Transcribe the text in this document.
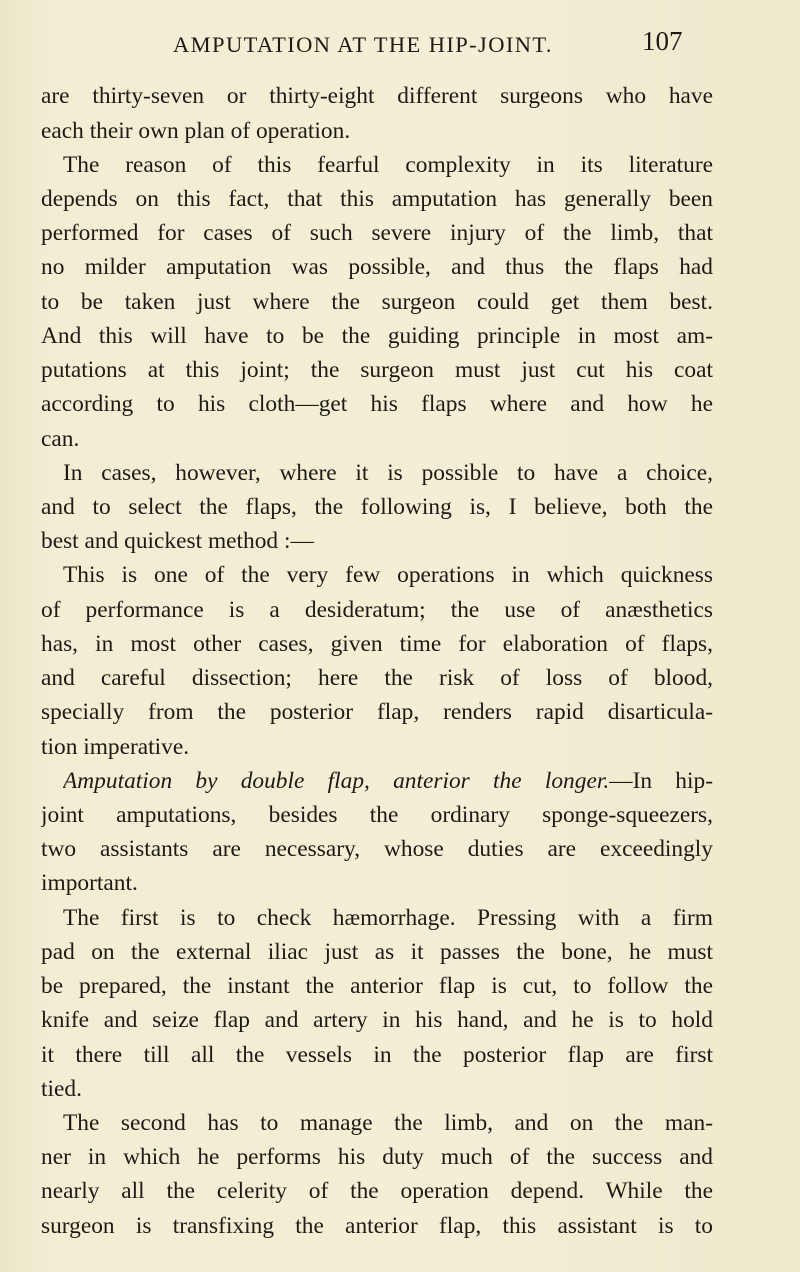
AMPUTATION AT THE HIP-JOINT.	107
are thirty-seven or thirty-eight different surgeons who have
each their own plan of operation.
The reason of this fearful complexity in its literature
depends on this fact, that this amputation has generally been
performed for cases of such severe injury of the limb, that
no milder amputation was possible, and thus the flaps had
to be taken just where the surgeon could get them best.
And this will have to be the guiding principle in most am-
putations at this joint; the surgeon must just cut his coat
according to his cloth—get his flaps where and how he
can.
In cases, however, where it is possible to have a choice,
and to select the flaps, the following is, I believe, both the
best and quickest method :—
This is one of the very few operations in which quickness
of performance is a desideratum; the use of anæsthetics
has, in most other cases, given time for elaboration of flaps,
and careful dissection; here the risk of loss of blood,
specially from the posterior flap, renders rapid disarticula-
tion imperative.
Amputation by double flap, anterior the longer.—In hip-
joint amputations, besides the ordinary sponge-squeezers,
two assistants are necessary, whose duties are exceedingly
important.
The first is to check hæmorrhage. Pressing with a firm
pad on the external iliac just as it passes the bone, he must
be prepared, the instant the anterior flap is cut, to follow the
knife and seize flap and artery in his hand, and he is to hold
it there till all the vessels in the posterior flap are first
tied.
The second has to manage the limb, and on the man-
ner in which he performs his duty much of the success and
nearly all the celerity of the operation depend. While the
surgeon is transfixing the anterior flap, this assistant is to
